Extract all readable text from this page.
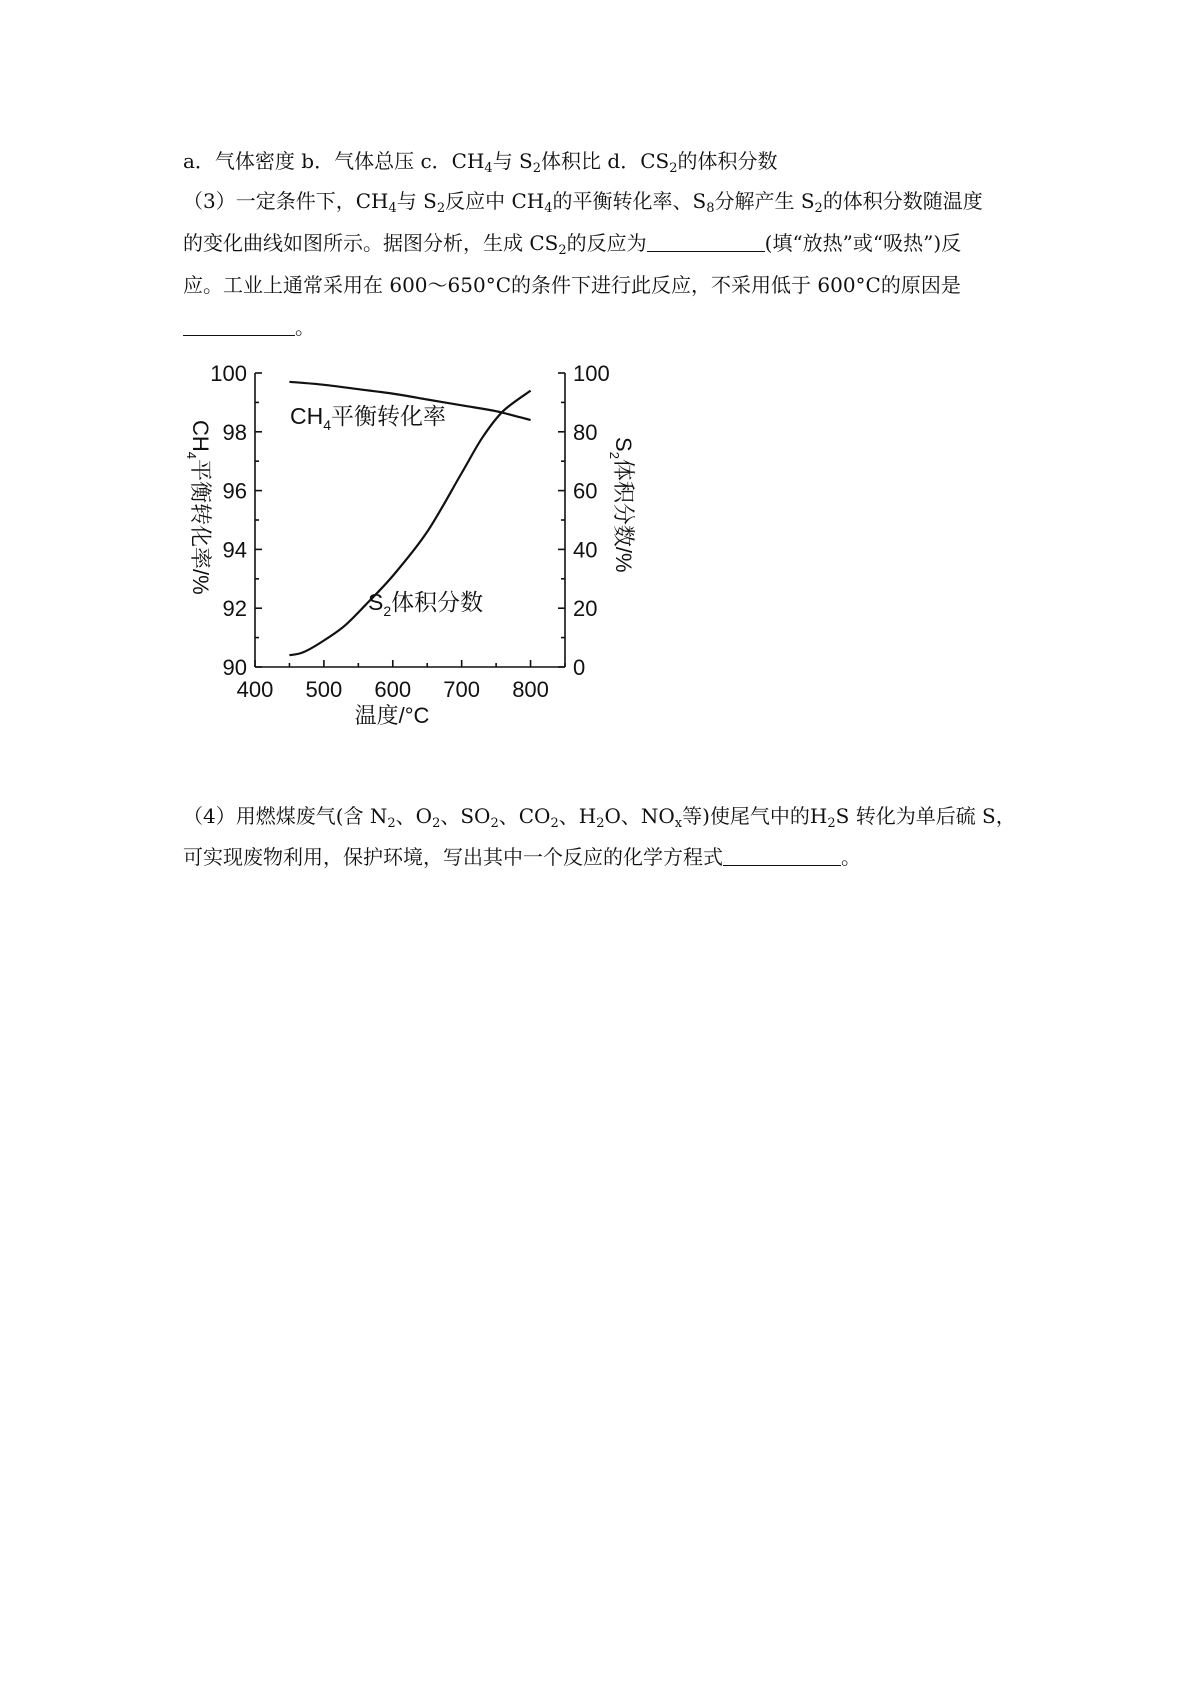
a．气体密度 b．气体总压 c．$CH_4$与 $S_2$体积比 d．$CS_2$的体积分数
（3）一定条件下，$CH_4$与 $S_2$反应中 $CH_4$的平衡转化率、$S_8$分解产生 $S_2$的体积分数随温度
的变化曲线如图所示。据图分析，生成 $CS_2$的反应为	(填“放热”或“吸热”)反
应。工业上通常采用在 600～650°C的条件下进行此反应，不采用低于 600°C的原因是
。
90
92
94
96
98
100
0
20
40
60
80
100
400 500 600 700 800
$CH_4$平衡转化率
$S_2$体积分数
$CH_4$平衡转化率/%
$S_2$体积分数/%
温度/°C
（4）用燃煤废气(含 $N_2$、$O_2$、$SO_2$、$CO_2$、$H_2O$、$NO_x$等)使尾气中的$H_2S$ 转化为单后硫 S，
可实现废物利用，保护环境，写出其中一个反应的化学方程式	。
